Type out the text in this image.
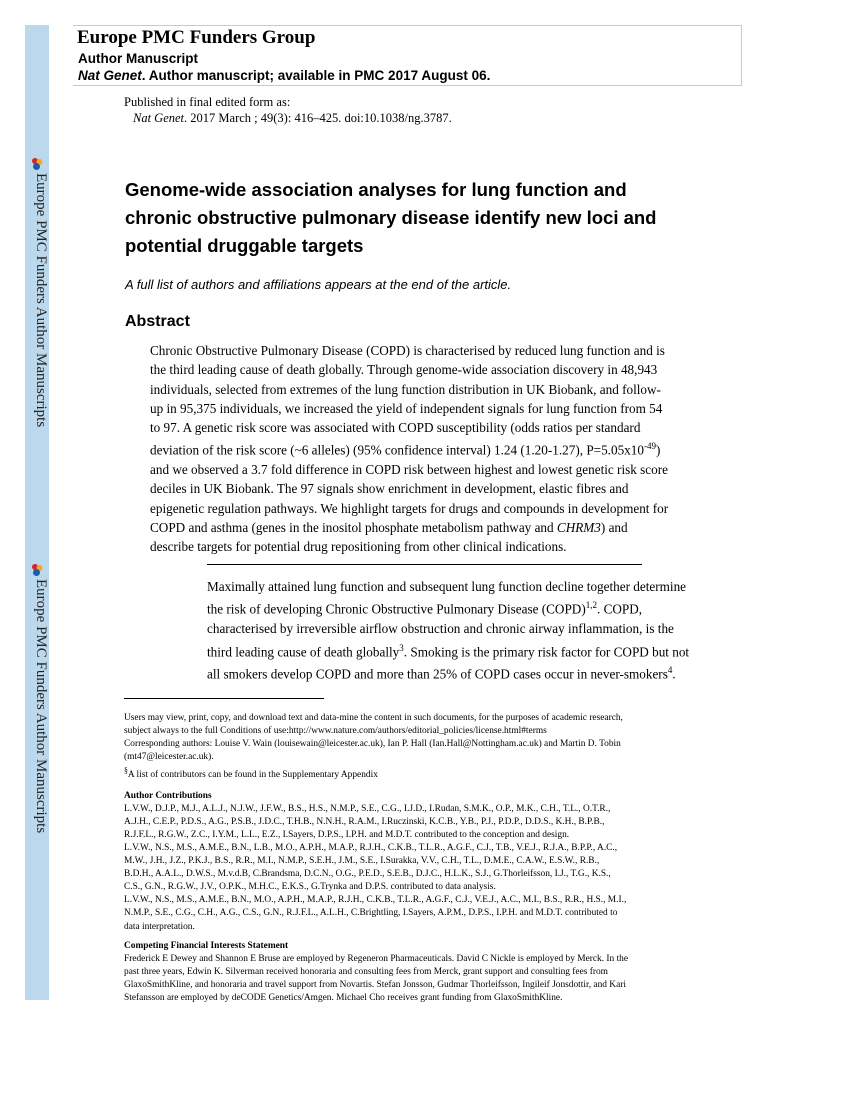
Europe PMC Funders Author Manuscripts
Europe PMC Funders Author Manuscripts
Europe PMC Funders Group
Author Manuscript
Nat Genet. Author manuscript; available in PMC 2017 August 06.
Published in final edited form as:
Nat Genet. 2017 March ; 49(3): 416–425. doi:10.1038/ng.3787.
Genome-wide association analyses for lung function and chronic obstructive pulmonary disease identify new loci and potential druggable targets
A full list of authors and affiliations appears at the end of the article.
Abstract
Chronic Obstructive Pulmonary Disease (COPD) is characterised by reduced lung function and is
the third leading cause of death globally. Through genome-wide association discovery in 48,943
individuals, selected from extremes of the lung function distribution in UK Biobank, and follow-
up in 95,375 individuals, we increased the yield of independent signals for lung function from 54
to 97. A genetic risk score was associated with COPD susceptibility (odds ratios per standard
deviation of the risk score (~6 alleles) (95% confidence interval) 1.24 (1.20-1.27), $P=5.05x10^{-49}$)
and we observed a 3.7 fold difference in COPD risk between highest and lowest genetic risk score
deciles in UK Biobank. The 97 signals show enrichment in development, elastic fibres and
epigenetic regulation pathways. We highlight targets for drugs and compounds in development for
COPD and asthma (genes in the inositol phosphate metabolism pathway and CHRM3) and
describe targets for potential drug repositioning from other clinical indications.
Maximally attained lung function and subsequent lung function decline together determine
the risk of developing Chronic Obstructive Pulmonary Disease (COPD)$^{1,2}$. COPD,
characterised by irreversible airflow obstruction and chronic airway inflammation, is the
third leading cause of death globally$^3$. Smoking is the primary risk factor for COPD but not
all smokers develop COPD and more than 25% of COPD cases occur in never-smokers$^4$.
Users may view, print, copy, and download text and data-mine the content in such documents, for the purposes of academic research,
subject always to the full Conditions of use:http://www.nature.com/authors/editorial_policies/license.html#terms
Corresponding authors: Louise V. Wain (louisewain@leicester.ac.uk), Ian P. Hall (Ian.Hall@Nottingham.ac.uk) and Martin D. Tobin
(mt47@leicester.ac.uk).
§A list of contributors can be found in the Supplementary Appendix
Author Contributions
L.V.W., D.J.P., M.J., A.L.J., N.J.W., J.F.W., B.S., H.S., N.M.P., S.E., C.G., I.J.D., I.Rudan, S.M.K., O.P., M.K., C.H., T.L., O.T.R.,
A.J.H., C.E.P., P.D.S., A.G., P.S.B., J.D.C., T.H.B., N.N.H., R.A.M., I.Ruczinski, K.C.B., Y.B., P.J., P.D.P., D.D.S., K.H., B.P.B.,
R.J.F.L., R.G.W., Z.C., I.Y.M., L.L., E.Z., I.Sayers, D.P.S., I.P.H. and M.D.T. contributed to the conception and design.
L.V.W., N.S., M.S., A.M.E., B.N., L.B., M.O., A.P.H., M.A.P., R.J.H., C.K.B., T.L.R., A.G.F., C.J., T.B., V.E.J., R.J.A., B.P.P., A.C.,
M.W., J.H., J.Z., P.K.J., B.S., R.R., M.I., N.M.P., S.E.H., J.M., S.E., I.Surakka, V.V., C.H., T.L., D.M.E., C.A.W., E.S.W., R.B.,
B.D.H., A.A.L., D.W.S., M.v.d.B, C.Brandsma, D.C.N., O.G., P.E.D., S.E.B., D.J.C., H.L.K., S.J., G.Thorleifsson, I.J., T.G., K.S.,
C.S., G.N., R.G.W., J.V., O.P.K., M.H.C., E.K.S., G.Trynka and D.P.S. contributed to data analysis.
L.V.W., N.S., M.S., A.M.E., B.N., M.O., A.P.H., M.A.P., R.J.H., C.K.B., T.L.R., A.G.F., C.J., V.E.J., A.C., M.I., B.S., R.R., H.S., M.I.,
N.M.P., S.E., C.G., C.H., A.G., C.S., G.N., R.J.F.L., A.L.H., C.Brightling, I.Sayers, A.P.M., D.P.S., I.P.H. and M.D.T. contributed to
data interpretation.
Competing Financial Interests Statement
Frederick E Dewey and Shannon E Bruse are employed by Regeneron Pharmaceuticals. David C Nickle is employed by Merck. In the
past three years, Edwin K. Silverman received honoraria and consulting fees from Merck, grant support and consulting fees from
GlaxoSmithKline, and honoraria and travel support from Novartis. Stefan Jonsson, Gudmar Thorleifsson, Ingileif Jonsdottir, and Kari
Stefansson are employed by deCODE Genetics/Amgen. Michael Cho receives grant funding from GlaxoSmithKline.
